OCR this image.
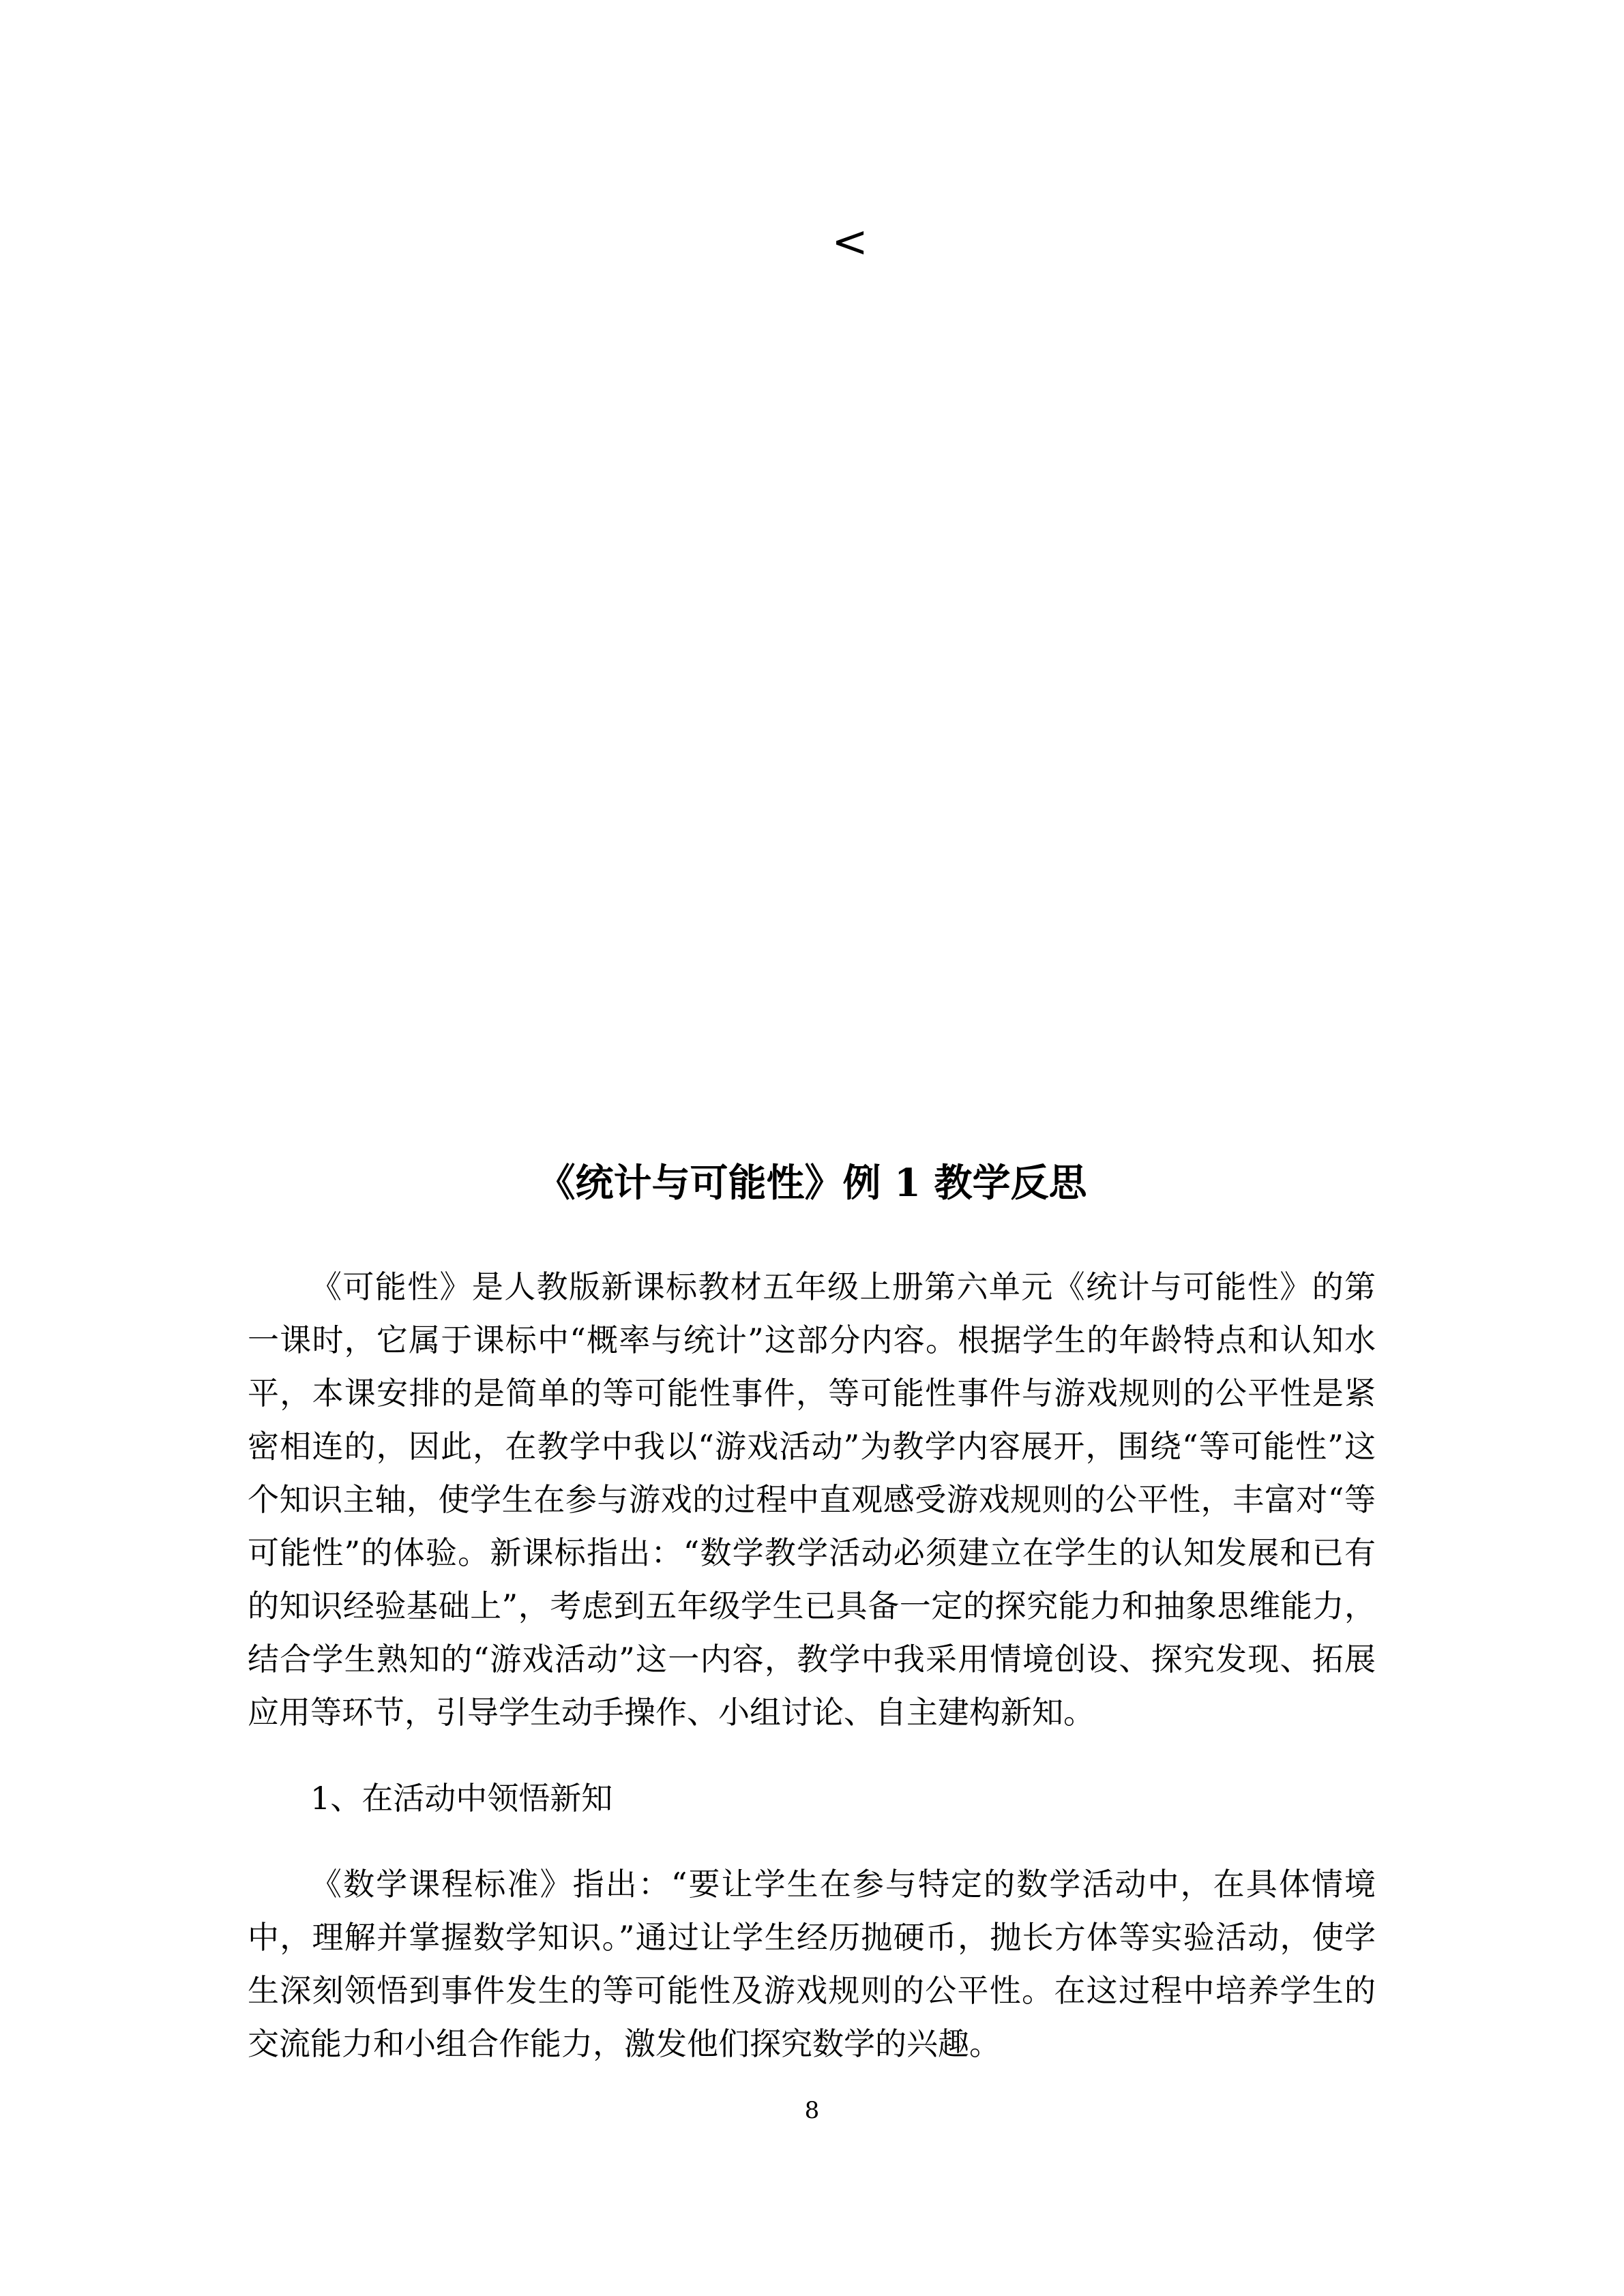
<
《统计与可能性》例 1 教学反思

《可能性》是人教版新课标教材五年级上册第六单元《统计与可能性》的第一课时，它属于课标中“概率与统计”这部分内容。根据学生的年龄特点和认知水平，本课安排的是简单的等可能性事件，等可能性事件与游戏规则的公平性是紧密相连的，因此，在教学中我以“游戏活动”为教学内容展开，围绕“等可能性”这个知识主轴，使学生在参与游戏的过程中直观感受游戏规则的公平性，丰富对“等可能性”的体验。新课标指出：“数学教学活动必须建立在学生的认知发展和已有的知识经验基础上”，考虑到五年级学生已具备一定的探究能力和抽象思维能力，结合学生熟知的“游戏活动”这一内容，教学中我采用情境创设、探究发现、拓展应用等环节，引导学生动手操作、小组讨论、自主建构新知。

1、在活动中领悟新知

《数学课程标准》指出：“要让学生在参与特定的数学活动中，在具体情境中，理解并掌握数学知识。”通过让学生经历抛硬币，抛长方体等实验活动，使学生深刻领悟到事件发生的等可能性及游戏规则的公平性。在这过程中培养学生的交流能力和小组合作能力，激发他们探究数学的兴趣。

8
